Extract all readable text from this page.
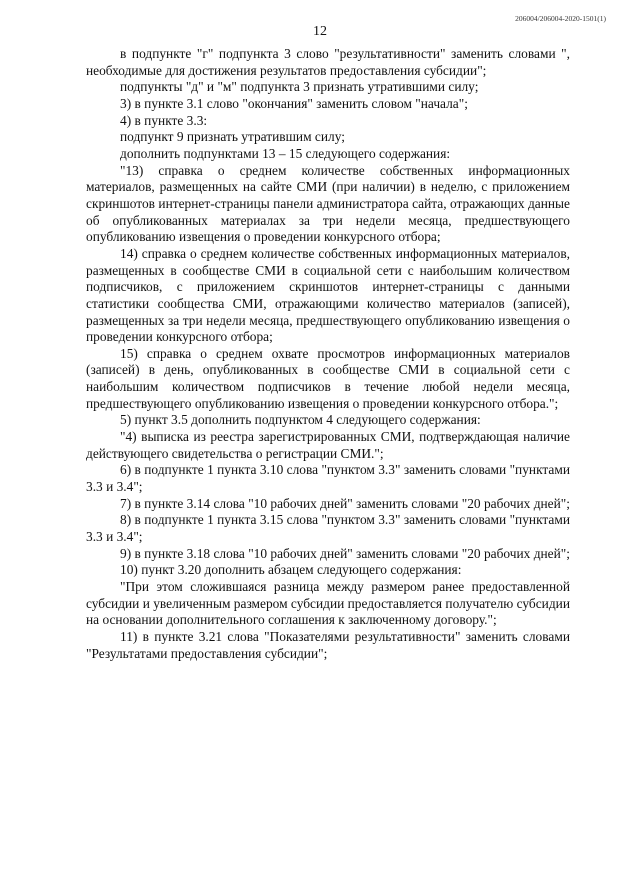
206004/206004-2020-1501(1)
12

в подпункте "г" подпункта 3 слово "результативности" заменить словами ", необходимые для достижения результатов предоставления субсидии";

подпункты "д" и "м" подпункта 3 признать утратившими силу;

3) в пункте 3.1 слово "окончания" заменить словом "начала";

4) в пункте 3.3:

подпункт 9 признать утратившим силу;

дополнить подпунктами 13 – 15 следующего содержания:

"13) справка о среднем количестве собственных информационных материалов, размещенных на сайте СМИ (при наличии) в неделю, с приложением скриншотов интернет-страницы панели администратора сайта, отражающих данные об опубликованных материалах за три недели месяца, предшествующего опубликованию извещения о проведении конкурсного отбора;

14) справка о среднем количестве собственных информационных материалов, размещенных в сообществе СМИ в социальной сети с наибольшим количеством подписчиков, с приложением скриншотов интернет-страницы с данными статистики сообщества СМИ, отражающими количество материалов (записей), размещенных за три недели месяца, предшествующего опубликованию извещения о проведении конкурсного отбора;

15) справка о среднем охвате просмотров информационных материалов (записей) в день, опубликованных в сообществе СМИ в социальной сети с наибольшим количеством подписчиков в течение любой недели месяца, предшествующего опубликованию извещения о проведении конкурсного отбора.";

5) пункт 3.5 дополнить подпунктом 4 следующего содержания:

"4) выписка из реестра зарегистрированных СМИ, подтверждающая наличие действующего свидетельства о регистрации СМИ.";

6) в подпункте 1 пункта 3.10 слова "пунктом 3.3" заменить словами "пунктами 3.3 и 3.4";

7) в пункте 3.14 слова "10 рабочих дней" заменить словами "20 рабочих дней";

8) в подпункте 1 пункта 3.15 слова "пунктом 3.3" заменить словами "пунктами 3.3 и 3.4";

9) в пункте 3.18 слова "10 рабочих дней" заменить словами "20 рабочих дней";

10) пункт 3.20 дополнить абзацем следующего содержания:

"При этом сложившаяся разница между размером ранее предоставленной субсидии и увеличенным размером субсидии предоставляется получателю субсидии на основании дополнительного соглашения к заключенному договору.";

11) в пункте 3.21 слова "Показателями результативности" заменить словами "Результатами предоставления субсидии";
